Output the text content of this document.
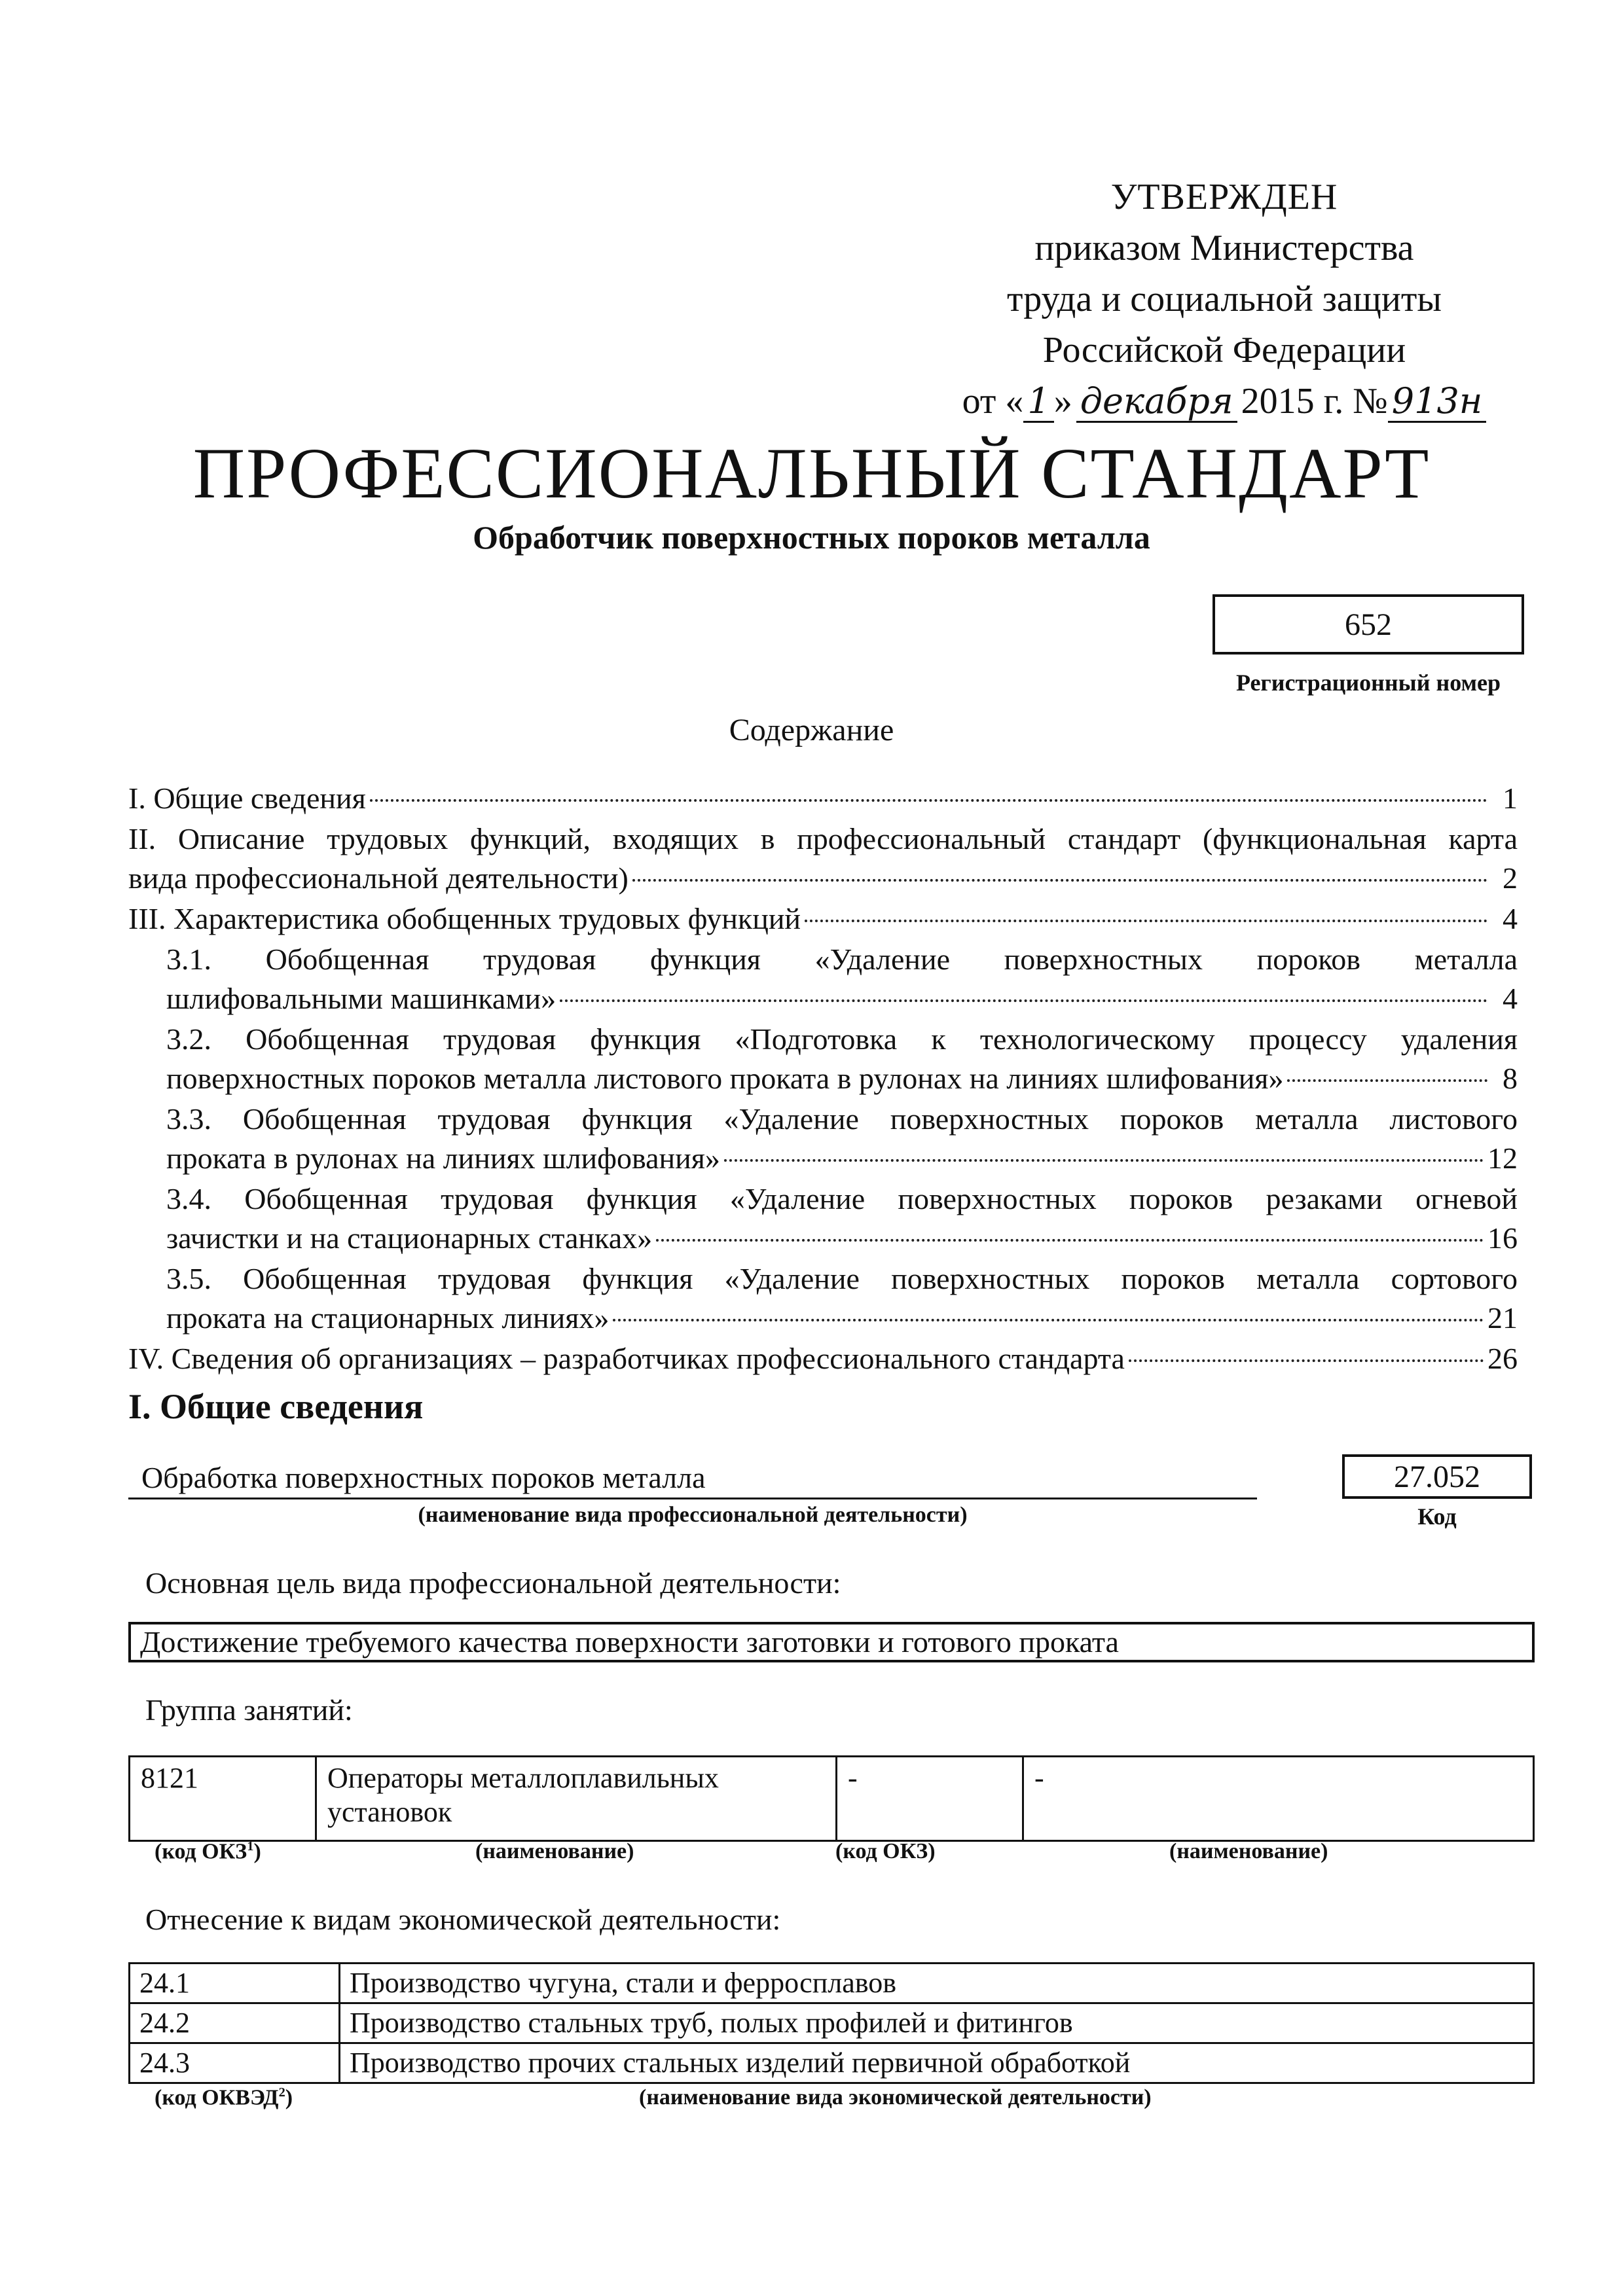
УТВЕРЖДЕН
приказом Министерства
труда и социальной защиты
Российской Федерации
от « 1 » декабря 2015 г. № 913н
ПРОФЕССИОНАЛЬНЫЙ СТАНДАРТ
Обработчик поверхностных пороков металла
652
Регистрационный номер
Содержание
I. Общие сведения	1
II. Описание трудовых функций, входящих в профессиональный стандарт (функциональная карта
вида профессиональной деятельности)	2
III. Характеристика обобщенных трудовых функций	4
3.1. Обобщенная трудовая функция «Удаление поверхностных пороков металла
шлифовальными машинками»	4
3.2. Обобщенная трудовая функция «Подготовка к технологическому процессу удаления
поверхностных пороков металла листового проката в рулонах на линиях шлифования»	8
3.3. Обобщенная трудовая функция «Удаление поверхностных пороков металла листового
проката в рулонах на линиях шлифования»	12
3.4. Обобщенная трудовая функция «Удаление поверхностных пороков резаками огневой
зачистки и на стационарных станках»	16
3.5. Обобщенная трудовая функция «Удаление поверхностных пороков металла сортового
проката на стационарных линиях»	21
IV. Сведения об организациях – разработчиках профессионального стандарта	26
I. Общие сведения
Обработка поверхностных пороков металла
(наименование вида профессиональной деятельности)
27.052
Код
Основная цель вида профессиональной деятельности:
Достижение требуемого качества поверхности заготовки и готового проката
Группа занятий:
8121	Операторы металлоплавильных установок	-	-
(код ОКЗ$^1$)	(наименование)	(код ОКЗ)	(наименование)
Отнесение к видам экономической деятельности:
24.1	Производство чугуна, стали и ферросплавов
24.2	Производство стальных труб, полых профилей и фитингов
24.3	Производство прочих стальных изделий первичной обработкой
(код ОКВЭД$^2$)	(наименование вида экономической деятельности)
